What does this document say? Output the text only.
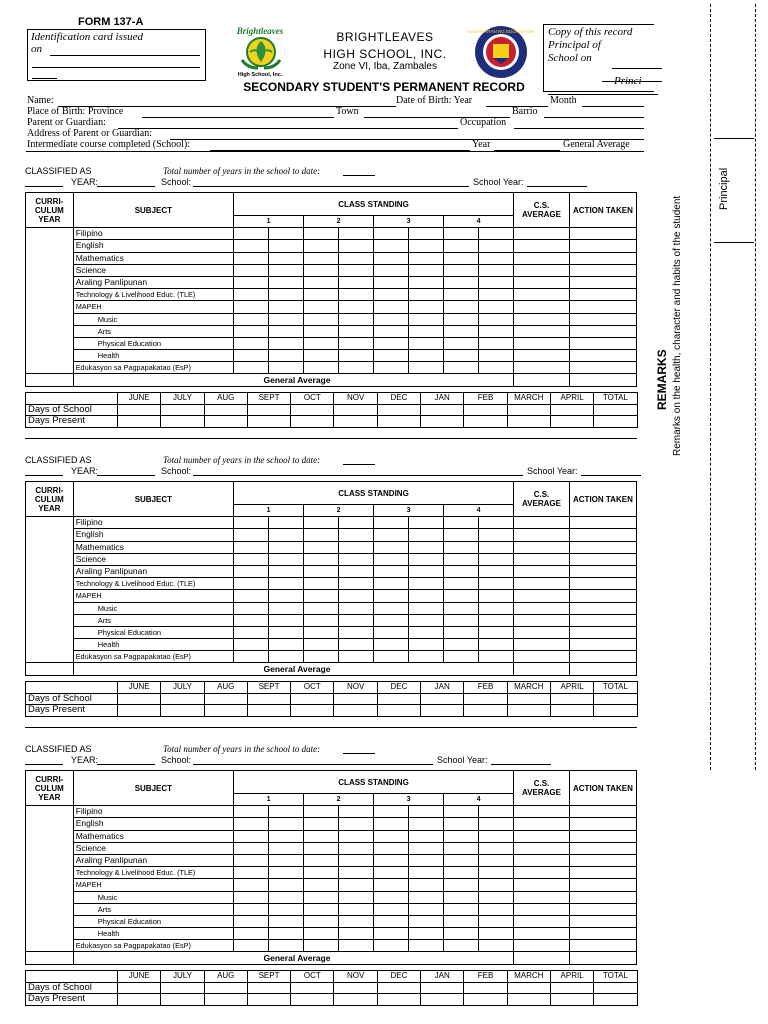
FORM 137-A
Identification card issued
on
Brightleaves
High School, Inc.
BRIGHTLEAVES
HIGH SCHOOL, INC.
Zone VI, Iba, Zambales
KAGAWARAN NG EDUKASYON Copy of this record
Principal of
School on
Princi
SECONDARY STUDENT'S PERMANENT RECORD
Name:	Date of Birth: Year	Month
Place of Birth: Province	Town	Barrio
Parent or Guardian:	Occupation
Address of Parent or Guardian:
Intermediate course completed (School):	Year	General Average
Principal
REMARKS Remarks on the health, character and habits of the student
CLASSIFIED AS	Total number of years in the school to date:
YEAR:	School:	School Year:
CURRI-CULUM YEAR	SUBJECT	CLASS STANDING								C.S. AVERAGE	ACTION TAKEN
		1		2		3		4			
	Filipino										
	English										
	Mathematics										
	Science										
	Araling Panlipunan										
	Technology & Livelihood Educ. (TLE)										
	MAPEH										
	Music										
	Arts										
	Physical Education										
	Health										
	Edukasyon sa Pagpapakatao (EsP)										
		General Average									
	JUNE	JULY	AUG	SEPT	OCT	NOV	DEC	JAN	FEB	MARCH	APRIL	TOTAL
Days of School												
Days Present												
CLASSIFIED AS	Total number of years in the school to date:
YEAR:	School:	School Year:
CURRI-CULUM YEAR	SUBJECT	CLASS STANDING								C.S. AVERAGE	ACTION TAKEN
		1		2		3		4			
	Filipino										
	English										
	Mathematics										
	Science										
	Araling Panlipunan										
	Technology & Livelihood Educ. (TLE)										
	MAPEH										
	Music										
	Arts										
	Physical Education										
	Health										
	Edukasyon sa Pagpapakatao (EsP)										
		General Average									
	JUNE	JULY	AUG	SEPT	OCT	NOV	DEC	JAN	FEB	MARCH	APRIL	TOTAL
Days of School												
Days Present												
CLASSIFIED AS	Total number of years in the school to date:
YEAR:	School:	School Year:
CURRI-CULUM YEAR	SUBJECT	CLASS STANDING								C.S. AVERAGE	ACTION TAKEN
		1		2		3		4			
	Filipino										
	English										
	Mathematics										
	Science										
	Araling Panlipunan										
	Technology & Livelihood Educ. (TLE)										
	MAPEH										
	Music										
	Arts										
	Physical Education										
	Health										
	Edukasyon sa Pagpapakatao (EsP)										
		General Average									
	JUNE	JULY	AUG	SEPT	OCT	NOV	DEC	JAN	FEB	MARCH	APRIL	TOTAL
Days of School												
Days Present												
